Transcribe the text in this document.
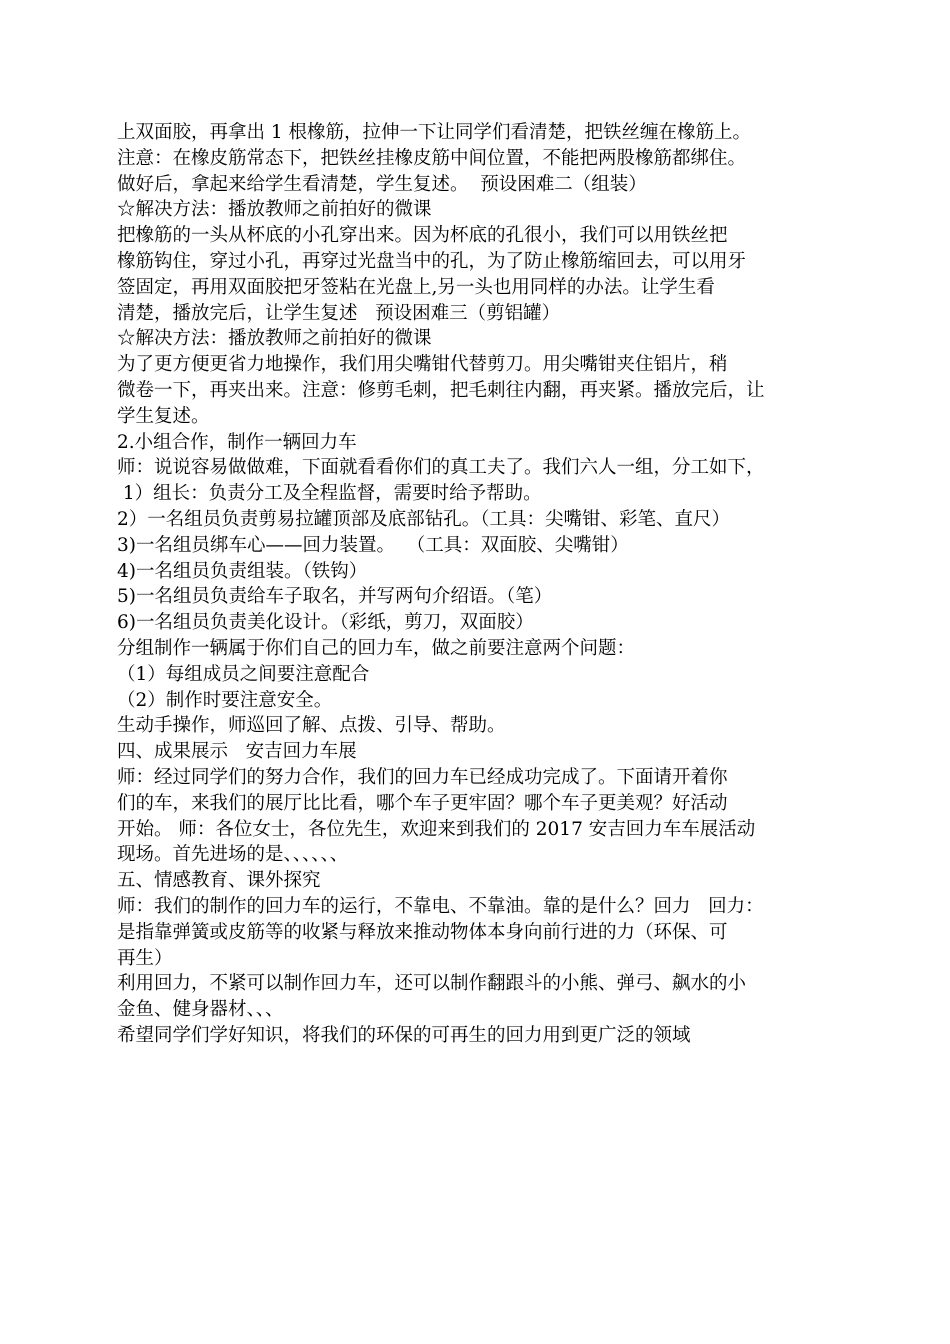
上双面胶，再拿出 1 根橡筋，拉伸一下让同学们看清楚，把铁丝缠在橡筋上。
注意：在橡皮筋常态下，把铁丝挂橡皮筋中间位置，不能把两股橡筋都绑住。
做好后，拿起来给学生看清楚，学生复述。  预设困难二（组装）
☆解决方法：播放教师之前拍好的微课
把橡筋的一头从杯底的小孔穿出来。因为杯底的孔很小，我们可以用铁丝把
橡筋钩住，穿过小孔，再穿过光盘当中的孔，为了防止橡筋缩回去，可以用牙
签固定，再用双面胶把牙签粘在光盘上,另一头也用同样的办法。让学生看
清楚，播放完后，让学生复述   预设困难三（剪铝罐）
☆解决方法：播放教师之前拍好的微课
为了更方便更省力地操作，我们用尖嘴钳代替剪刀。用尖嘴钳夹住铝片，稍
微卷一下，再夹出来。注意：修剪毛刺，把毛刺往内翻，再夹紧。播放完后，让
学生复述。
2.小组合作，制作一辆回力车
师：说说容易做做难，下面就看看你们的真工夫了。我们六人一组，分工如下，
1）组长：负责分工及全程监督，需要时给予帮助。
2）一名组员负责剪易拉罐顶部及底部钻孔。（工具：尖嘴钳、彩笔、直尺）
3)一名组员绑车心——回力装置。  （工具：双面胶、尖嘴钳）
4)一名组员负责组装。（铁钩）
5)一名组员负责给车子取名，并写两句介绍语。（笔）
6)一名组员负责美化设计。（彩纸，剪刀，双面胶）
分组制作一辆属于你们自己的回力车，做之前要注意两个问题：
（1）每组成员之间要注意配合
（2）制作时要注意安全。
生动手操作，师巡回了解、点拨、引导、帮助。
四、成果展示   安吉回力车展
师：经过同学们的努力合作，我们的回力车已经成功完成了。下面请开着你
们的车，来我们的展厅比比看，哪个车子更牢固？哪个车子更美观？好活动
开始。 师：各位女士，各位先生，欢迎来到我们的 2017 安吉回力车车展活动
现场。首先进场的是、、、、、、
五、情感教育、课外探究
师：我们的制作的回力车的运行，不靠电、不靠油。靠的是什么？回力   回力：
是指靠弹簧或皮筋等的收紧与释放来推动物体本身向前行进的力（环保、可
再生）
利用回力，不紧可以制作回力车，还可以制作翻跟斗的小熊、弹弓、飙水的小
金鱼、健身器材、、、
希望同学们学好知识，将我们的环保的可再生的回力用到更广泛的领域
